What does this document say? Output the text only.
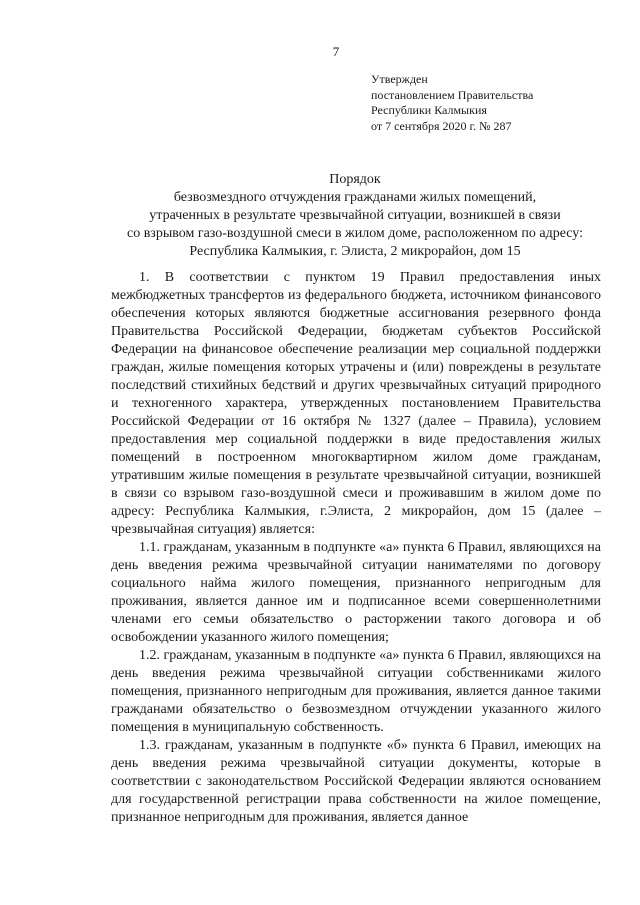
7
Утвержден
постановлением Правительства
Республики Калмыкия
от 7 сентября 2020 г. № 287
Порядок
безвозмездного отчуждения гражданами жилых помещений,
утраченных в результате чрезвычайной ситуации, возникшей в связи
со взрывом газо-воздушной смеси в жилом доме, расположенном по адресу:
Республика Калмыкия, г. Элиста, 2 микрорайон, дом 15

1. В соответствии с пунктом 19 Правил предоставления иных межбюджетных трансфертов из федерального бюджета, источником финансового обеспечения которых являются бюджетные ассигнования резервного фонда Правительства Российской Федерации, бюджетам субъектов Российской Федерации на финансовое обеспечение реализации мер социальной поддержки граждан, жилые помещения которых утрачены и (или) повреждены в результате последствий стихийных бедствий и других чрезвычайных ситуаций природного и техногенного характера, утвержденных постановлением Правительства Российской Федерации от 16 октября № 1327 (далее – Правила), условием предоставления мер социальной поддержки в виде предоставления жилых помещений в построенном многоквартирном жилом доме гражданам, утратившим жилые помещения в результате чрезвычайной ситуации, возникшей в связи со взрывом газо-воздушной смеси и проживавшим в жилом доме по адресу: Республика Калмыкия, г.Элиста, 2 микрорайон, дом 15 (далее – чрезвычайная ситуация) является:

1.1. гражданам, указанным в подпункте «а» пункта 6 Правил, являющихся на день введения режима чрезвычайной ситуации нанимателями по договору социального найма жилого помещения, признанного непригодным для проживания, является данное им и подписанное всеми совершеннолетними членами его семьи обязательство о расторжении такого договора и об освобождении указанного жилого помещения;

1.2. гражданам, указанным в подпункте «а» пункта 6 Правил, являющихся на день введения режима чрезвычайной ситуации собственниками жилого помещения, признанного непригодным для проживания, является данное такими гражданами обязательство о безвозмездном отчуждении указанного жилого помещения в муниципальную собственность.

1.3. гражданам, указанным в подпункте «б» пункта 6 Правил, имеющих на день введения режима чрезвычайной ситуации документы, которые в соответствии с законодательством Российской Федерации являются основанием для государственной регистрации права собственности на жилое помещение, признанное непригодным для проживания, является данное
